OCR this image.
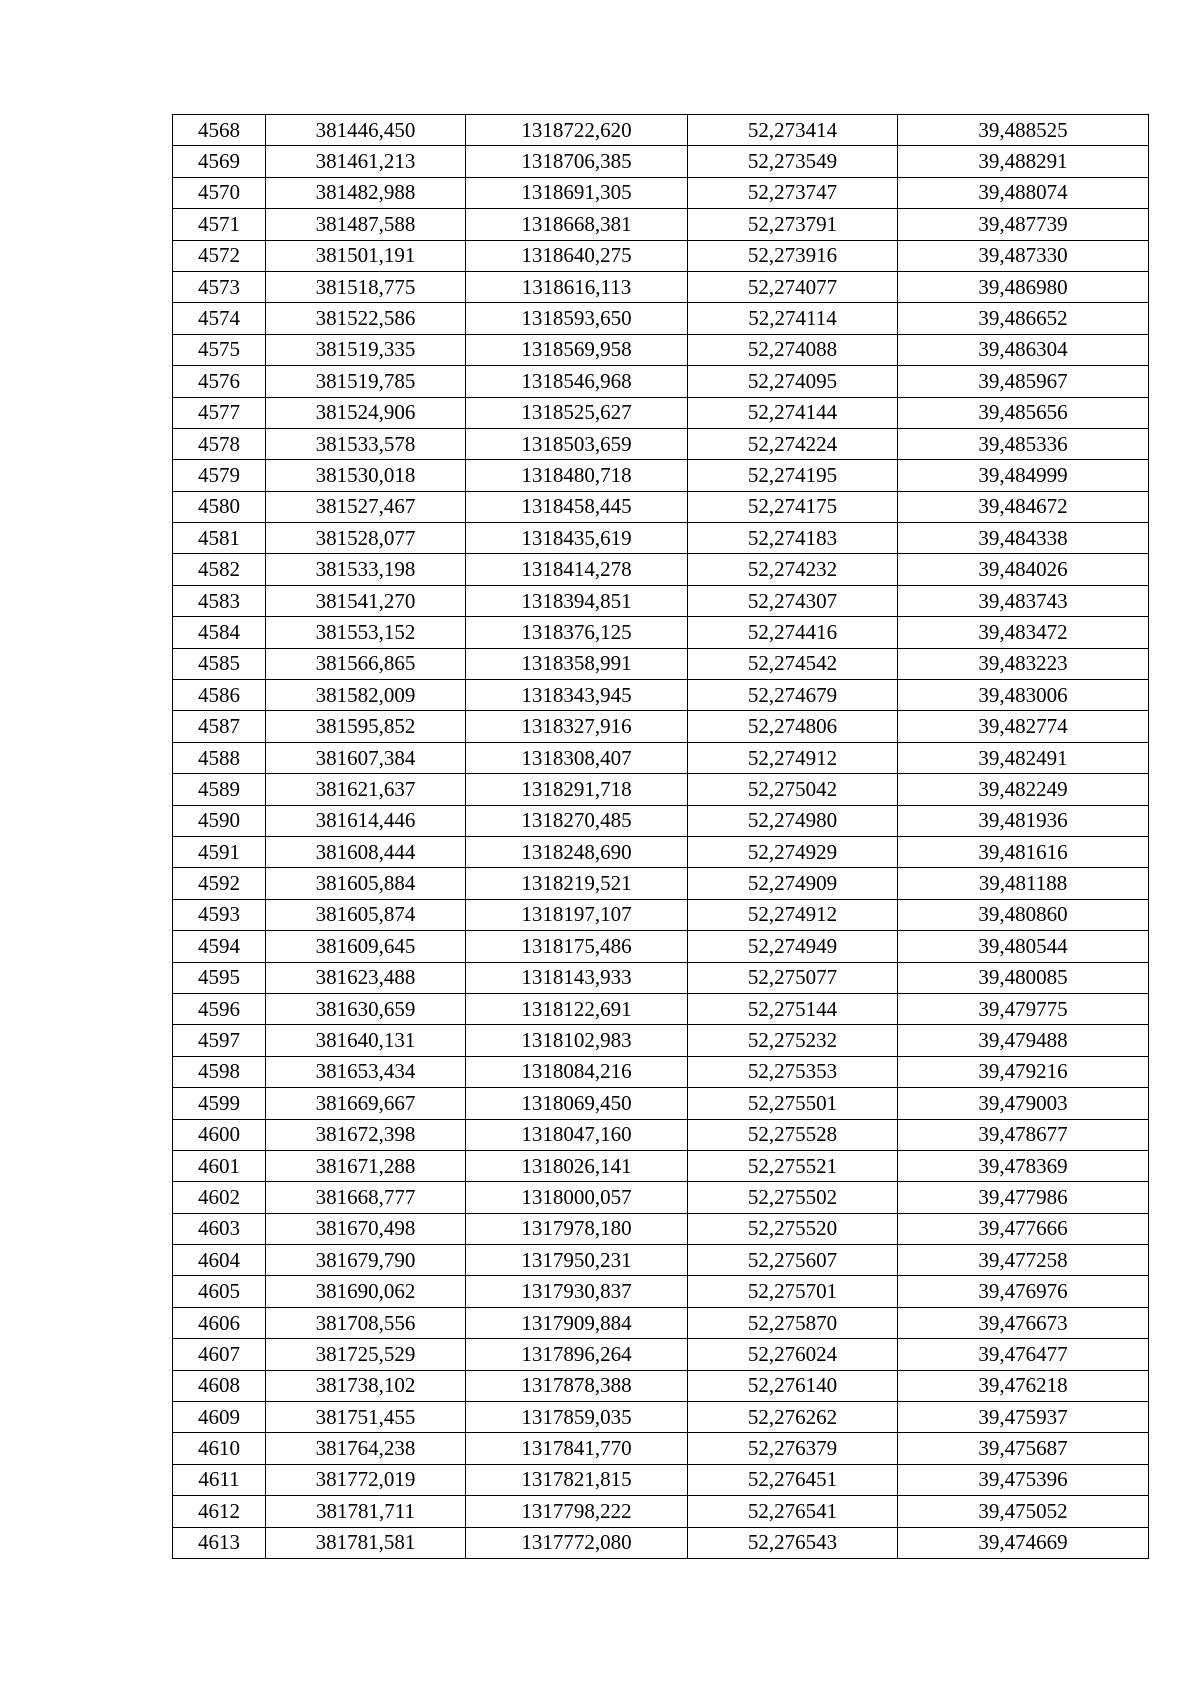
4568	381446,450	1318722,620	52,273414	39,488525
4569	381461,213	1318706,385	52,273549	39,488291
4570	381482,988	1318691,305	52,273747	39,488074
4571	381487,588	1318668,381	52,273791	39,487739
4572	381501,191	1318640,275	52,273916	39,487330
4573	381518,775	1318616,113	52,274077	39,486980
4574	381522,586	1318593,650	52,274114	39,486652
4575	381519,335	1318569,958	52,274088	39,486304
4576	381519,785	1318546,968	52,274095	39,485967
4577	381524,906	1318525,627	52,274144	39,485656
4578	381533,578	1318503,659	52,274224	39,485336
4579	381530,018	1318480,718	52,274195	39,484999
4580	381527,467	1318458,445	52,274175	39,484672
4581	381528,077	1318435,619	52,274183	39,484338
4582	381533,198	1318414,278	52,274232	39,484026
4583	381541,270	1318394,851	52,274307	39,483743
4584	381553,152	1318376,125	52,274416	39,483472
4585	381566,865	1318358,991	52,274542	39,483223
4586	381582,009	1318343,945	52,274679	39,483006
4587	381595,852	1318327,916	52,274806	39,482774
4588	381607,384	1318308,407	52,274912	39,482491
4589	381621,637	1318291,718	52,275042	39,482249
4590	381614,446	1318270,485	52,274980	39,481936
4591	381608,444	1318248,690	52,274929	39,481616
4592	381605,884	1318219,521	52,274909	39,481188
4593	381605,874	1318197,107	52,274912	39,480860
4594	381609,645	1318175,486	52,274949	39,480544
4595	381623,488	1318143,933	52,275077	39,480085
4596	381630,659	1318122,691	52,275144	39,479775
4597	381640,131	1318102,983	52,275232	39,479488
4598	381653,434	1318084,216	52,275353	39,479216
4599	381669,667	1318069,450	52,275501	39,479003
4600	381672,398	1318047,160	52,275528	39,478677
4601	381671,288	1318026,141	52,275521	39,478369
4602	381668,777	1318000,057	52,275502	39,477986
4603	381670,498	1317978,180	52,275520	39,477666
4604	381679,790	1317950,231	52,275607	39,477258
4605	381690,062	1317930,837	52,275701	39,476976
4606	381708,556	1317909,884	52,275870	39,476673
4607	381725,529	1317896,264	52,276024	39,476477
4608	381738,102	1317878,388	52,276140	39,476218
4609	381751,455	1317859,035	52,276262	39,475937
4610	381764,238	1317841,770	52,276379	39,475687
4611	381772,019	1317821,815	52,276451	39,475396
4612	381781,711	1317798,222	52,276541	39,475052
4613	381781,581	1317772,080	52,276543	39,474669
